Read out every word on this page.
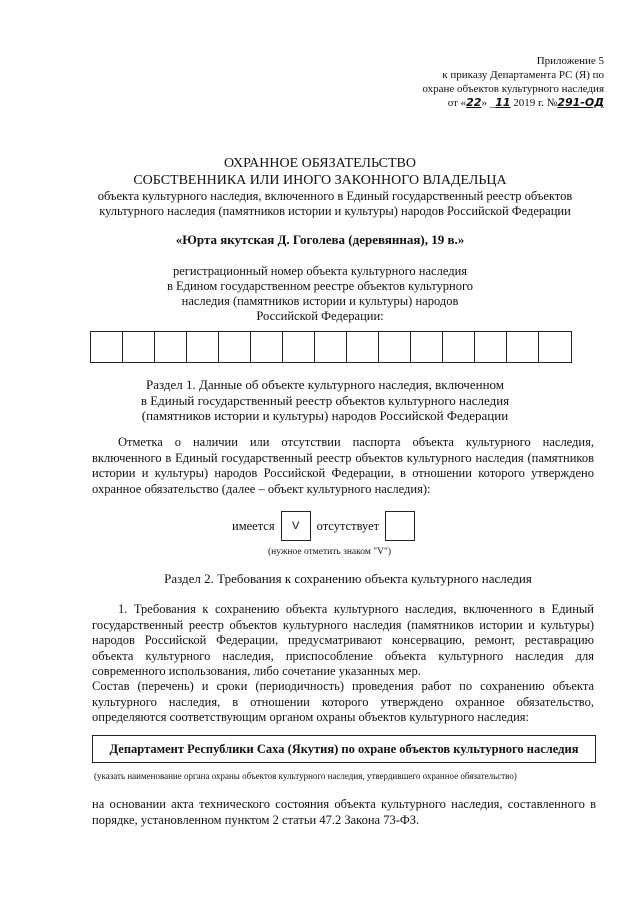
Приложение 5
к приказу Департамента РС (Я) по
охране объектов культурного наследия
от «22» _11 2019 г. №291-ОД
ОХРАННОЕ ОБЯЗАТЕЛЬСТВО
СОБСТВЕННИКА ИЛИ ИНОГО ЗАКОННОГО ВЛАДЕЛЬЦА
объекта культурного наследия, включенного в Единый государственный реестр объектов
культурного наследия (памятников истории и культуры) народов Российской Федерации
«Юрта якутская Д. Гоголева (деревянная), 19 в.»
регистрационный номер объекта культурного наследия
в Едином государственном реестре объектов культурного
наследия (памятников истории и культуры) народов
Российской Федерации:
Раздел 1. Данные об объекте культурного наследия, включенном
в Единый государственный реестр объектов культурного наследия
(памятников истории и культуры) народов Российской Федерации
Отметка о наличии или отсутствии паспорта объекта культурного наследия, включенного в Единый государственный реестр объектов культурного наследия (памятников истории и культуры) народов Российской Федерации, в отношении которого утверждено охранное обязательство (далее – объект культурного наследия):
имеется	V	отсутствует
(нужное отметить знаком "V")
Раздел 2. Требования к сохранению объекта культурного наследия
1. Требования к сохранению объекта культурного наследия, включенного в Единый государственный реестр объектов культурного наследия (памятников истории и культуры) народов Российской Федерации, предусматривают консервацию, ремонт, реставрацию объекта культурного наследия, приспособление объекта культурного наследия для современного использования, либо сочетание указанных мер.
Состав (перечень) и сроки (периодичность) проведения работ по сохранению объекта культурного наследия, в отношении которого утверждено охранное обязательство, определяются соответствующим органом охраны объектов культурного наследия:
Департамент Республики Саха (Якутия) по охране объектов культурного наследия
(указать наименование органа охраны объектов культурного наследия, утвердившего охранное обязательство)
на основании акта технического состояния объекта культурного наследия, составленного в порядке, установленном пунктом 2 статьи 47.2 Закона 73-ФЗ.
